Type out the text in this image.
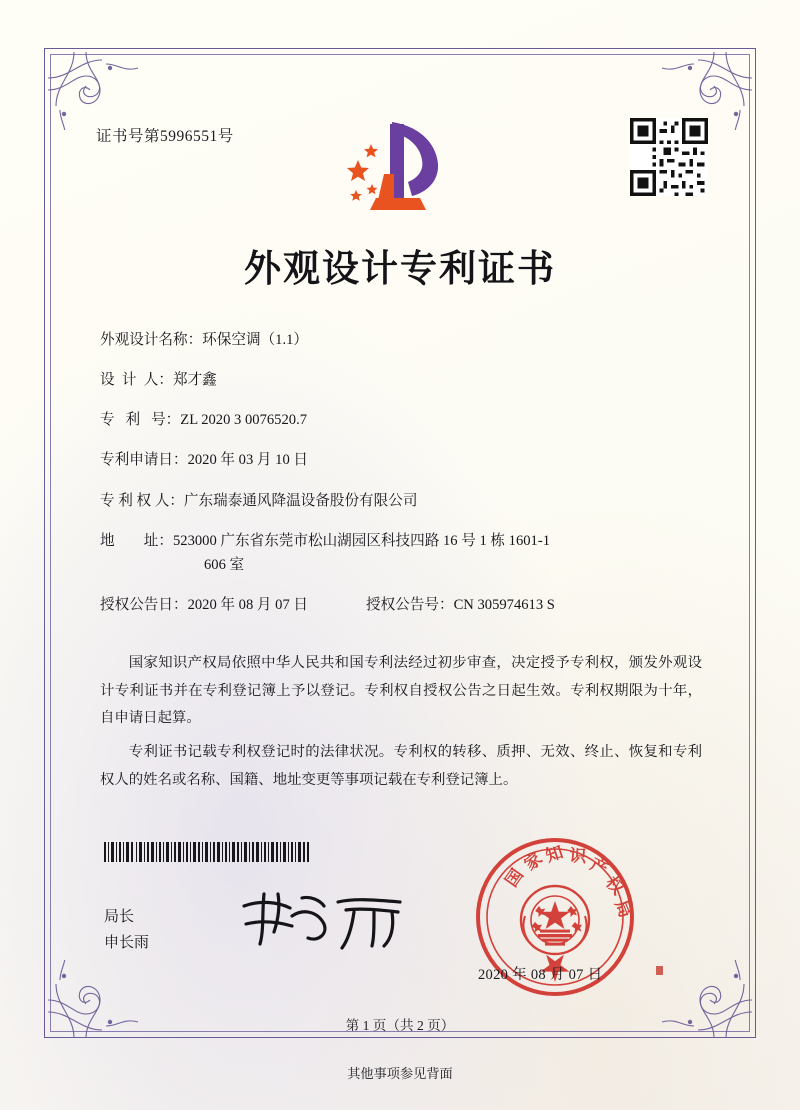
证书号第5996551号
外观设计专利证书
外观设计名称： 环保空调（1.1）
设  计  人： 郑才鑫
专   利   号： ZL 2020 3 0076520.7
专利申请日： 2020 年 03 月 10 日
专 利 权 人： 广东瑞泰通风降温设备股份有限公司
地        址： 523000 广东省东莞市松山湖园区科技四路 16 号 1 栋 1601-1
606 室
授权公告日： 2020 年 08 月 07 日	授权公告号： CN 305974613 S

国家知识产权局依照中华人民共和国专利法经过初步审查，决定授予专利权，颁发外观设计专利证书并在专利登记簿上予以登记。专利权自授权公告之日起生效。专利权期限为十年，自申请日起算。

专利证书记载专利权登记时的法律状况。专利权的转移、质押、无效、终止、恢复和专利权人的姓名或名称、国籍、地址变更等事项记载在专利登记簿上。

局长
申长雨
国
家
知 识 产
权
局
2020 年 08 月 07 日
第 1 页（共 2 页）
其他事项参见背面
